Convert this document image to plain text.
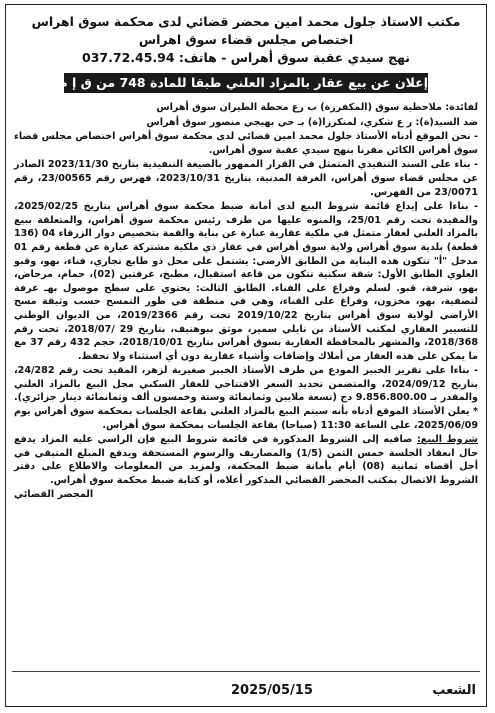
مكتب الاستاذ جلول محمد امين محضر قضائي لدى محكمة سوق اهراس
اختصاص مجلس قضاء سوق اهراس
نهج سيدي عقبة سوق أهراس - هاتف: 037.72.45.94
إعلان عن بيع عقار بالمزاد العلني طبقا للمادة 748 من ق إ م إ

لفائدة: ملاحظية سوق (المكفرزة) ب رع محطة الطيران سوق أهراس

ضد السيد(ة): ر ع شكري، لمنكرزا(ة) بـ حي بهيجي منصور سوق أهراس

- نحن الموقع أدناه الأستاذ جلول محمد امين قضائي لدى محكمة سوق أهراس اختصاص مجلس قضاء سوق أهراس الكائن مقرنا بنهج سيدي عقبة سوق أهراس.

- بناء على السند التنفيذي المتمثل في القرار الممهور بالصيغة التنفيذية بتاريخ 2023/11/30 الصادر عن مجلس قضاء سوق أهراس، الغرفة المدنية، بتاريخ 2023/10/31، فهرس رقم 23/00565، رقم 23/0071 من الفهرس.

- بناءا على إيداع قائمة شروط البيع لدى أمانة ضبط محكمة سوق أهراس بتاريخ 2025/02/25، والمقيدة تحت رقم 25/01، والمنوه عليها من طرف رئيس محكمة سوق أهراس، والمتعلقة ببيع بالمزاد العلني لعقار متمثل في ملكية عقارية عبارة عن بناية والقمة بتخصيص دوار الزرقاء 04 (136 قطعة) بلدية سوق أهراس ولاية سوق أهراس في عقار ذي ملكية مشتركة عبارة عن قطعة رقم 01 مدخل "أ" تتكون هذه البناية من الطابق الأرضي: يشتمل على محل ذو طابع تجاري، فناء، بهو، وقبو العلوي الطابق الأول: شقة سكنية تتكون من قاعة استقبال، مطبخ، غرفتين (02)، حمام، مرحاض، بهو، شرفة، قبو. لسلم وفراغ على الفناء. الطابق الثالث: يحتوي على سطح موصول بهـ غرفة لتصفية، بهو، مخزون، وفراغ على الفناء، وهي في منطقة في طور التمسح حسب وثيقة مسح الأراضي لولاية سوق أهراس بتاريخ 2019/10/22 تحت رقم 2019/2366، من الديوان الوطني للتسيير العقاري لمكتب الأستاذ بن نايلي سمير، موثق ببوهنيف، بتاريخ 29 /2018/07، تحت رقم 2018/368، والمشهر بالمحافظة العقارية بسوق أهراس بتاريخ 2018/10/01، حجم 432 رقم 37 مع ما يمكن على هذه العقار من أملاك وإضافات وأشياء عقارية دون أي استثناء ولا تحفظ.

- بناءا على تقرير الخبير المودع من طرف الأستاذ الخبير صغيرية لزهر، المقيد تحت رقم 24/282، بتاريخ 2024/09/12، والمتضمن تحديد السعر الافتتاحي للعقار السكني محل البيع بالمزاد العلني والمقدر بـ 9.856.800.00 دج (تسعة ملايين وثمانمائة وستة وخمسون ألف وثمانمائة دينار جزائري). * يعلن الأستاذ الموقع أدناه بأنه سيتم البيع بالمزاد العلني بقاعة الجلسات بمحكمة سوق أهراس يوم 2025/06/09، على الساعة 11:30 (صباحا) بقاعة الجلسات بمحكمة سوق أهراس.

شروط البيع: صافيه إلى الشروط المذكورة في قائمة شروط البيع فإن الراسي عليه المزاد يدفع حال انعقاد الجلسة خمس الثمن (1/5) والمصاريف والرسوم المستحقة ويدفع المبلغ المتبقي في أجل أقصاه ثمانية (08) أيام بأمانة ضبط المحكمة، ولمزيد من المعلومات والاطلاع على دفتر الشروط الاتصال بمكتب المحضر القضائي المذكور أعلاه، أو كتابة ضبط محكمة سوق أهراس.

المحضر القضائي
الشعب
2025/05/15
